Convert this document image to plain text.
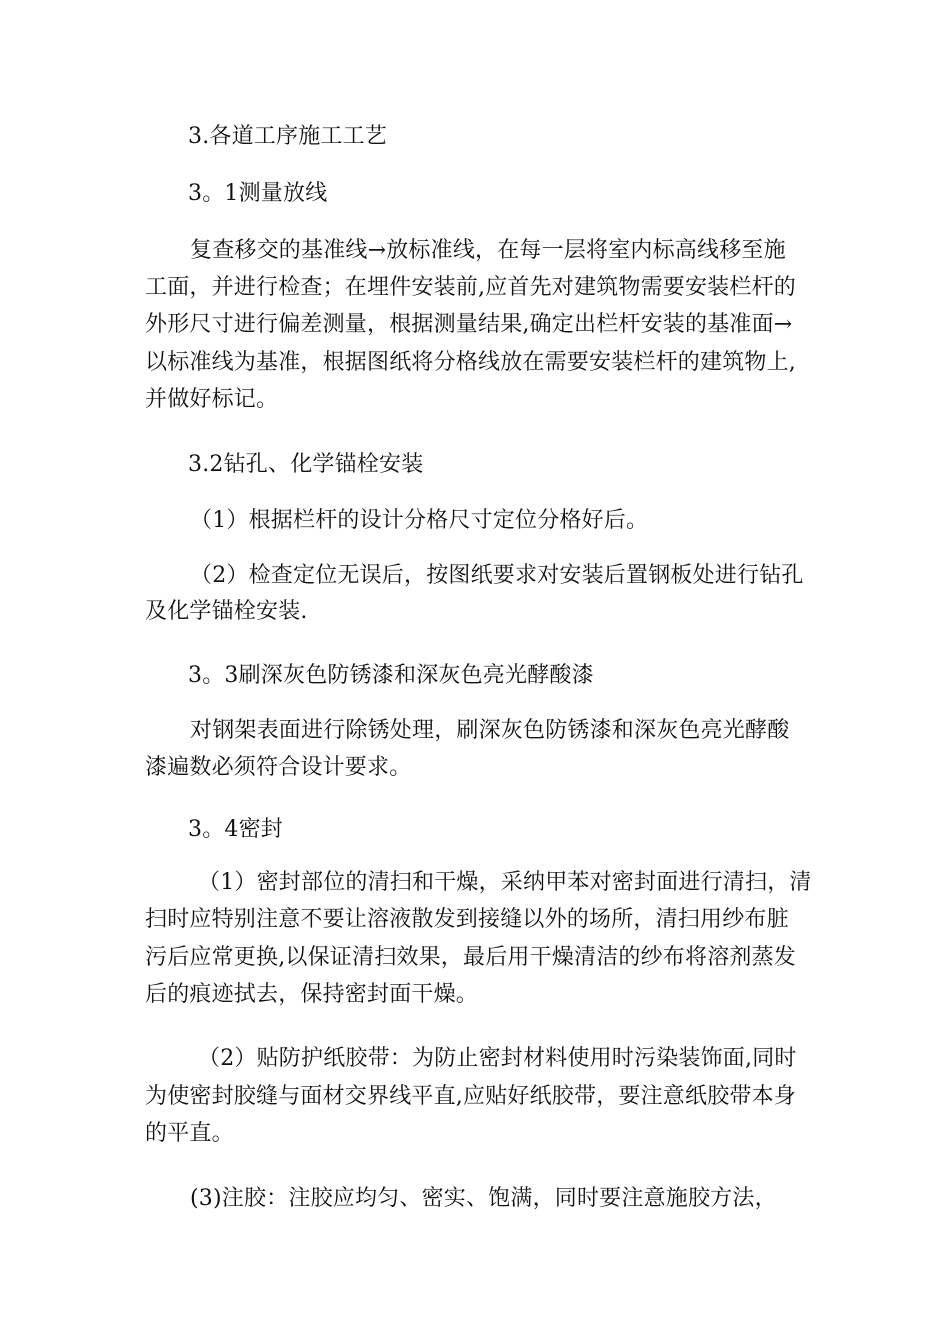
3.各道工序施工工艺
3。1测量放线
复查移交的基准线→放标准线，在每一层将室内标高线移至施
工面，并进行检查；在埋件安装前,应首先对建筑物需要安装栏杆的
外形尺寸进行偏差测量，根据测量结果,确定出栏杆安装的基准面→
以标准线为基准，根据图纸将分格线放在需要安装栏杆的建筑物上,
并做好标记。
3.2钻孔、化学锚栓安装
（1）根据栏杆的设计分格尺寸定位分格好后。
（2）检查定位无误后，按图纸要求对安装后置钢板处进行钻孔
及化学锚栓安装.
3。3刷深灰色防锈漆和深灰色亮光酵酸漆
对钢架表面进行除锈处理，刷深灰色防锈漆和深灰色亮光酵酸
漆遍数必须符合设计要求。
3。4密封
（1）密封部位的清扫和干燥，采纳甲苯对密封面进行清扫，清
扫时应特别注意不要让溶液散发到接缝以外的场所，清扫用纱布脏
污后应常更换,以保证清扫效果，最后用干燥清洁的纱布将溶剂蒸发
后的痕迹拭去，保持密封面干燥。
（2）贴防护纸胶带：为防止密封材料使用时污染装饰面,同时
为使密封胶缝与面材交界线平直,应贴好纸胶带，要注意纸胶带本身
的平直。
(3)注胶：注胶应均匀、密实、饱满，同时要注意施胶方法，
